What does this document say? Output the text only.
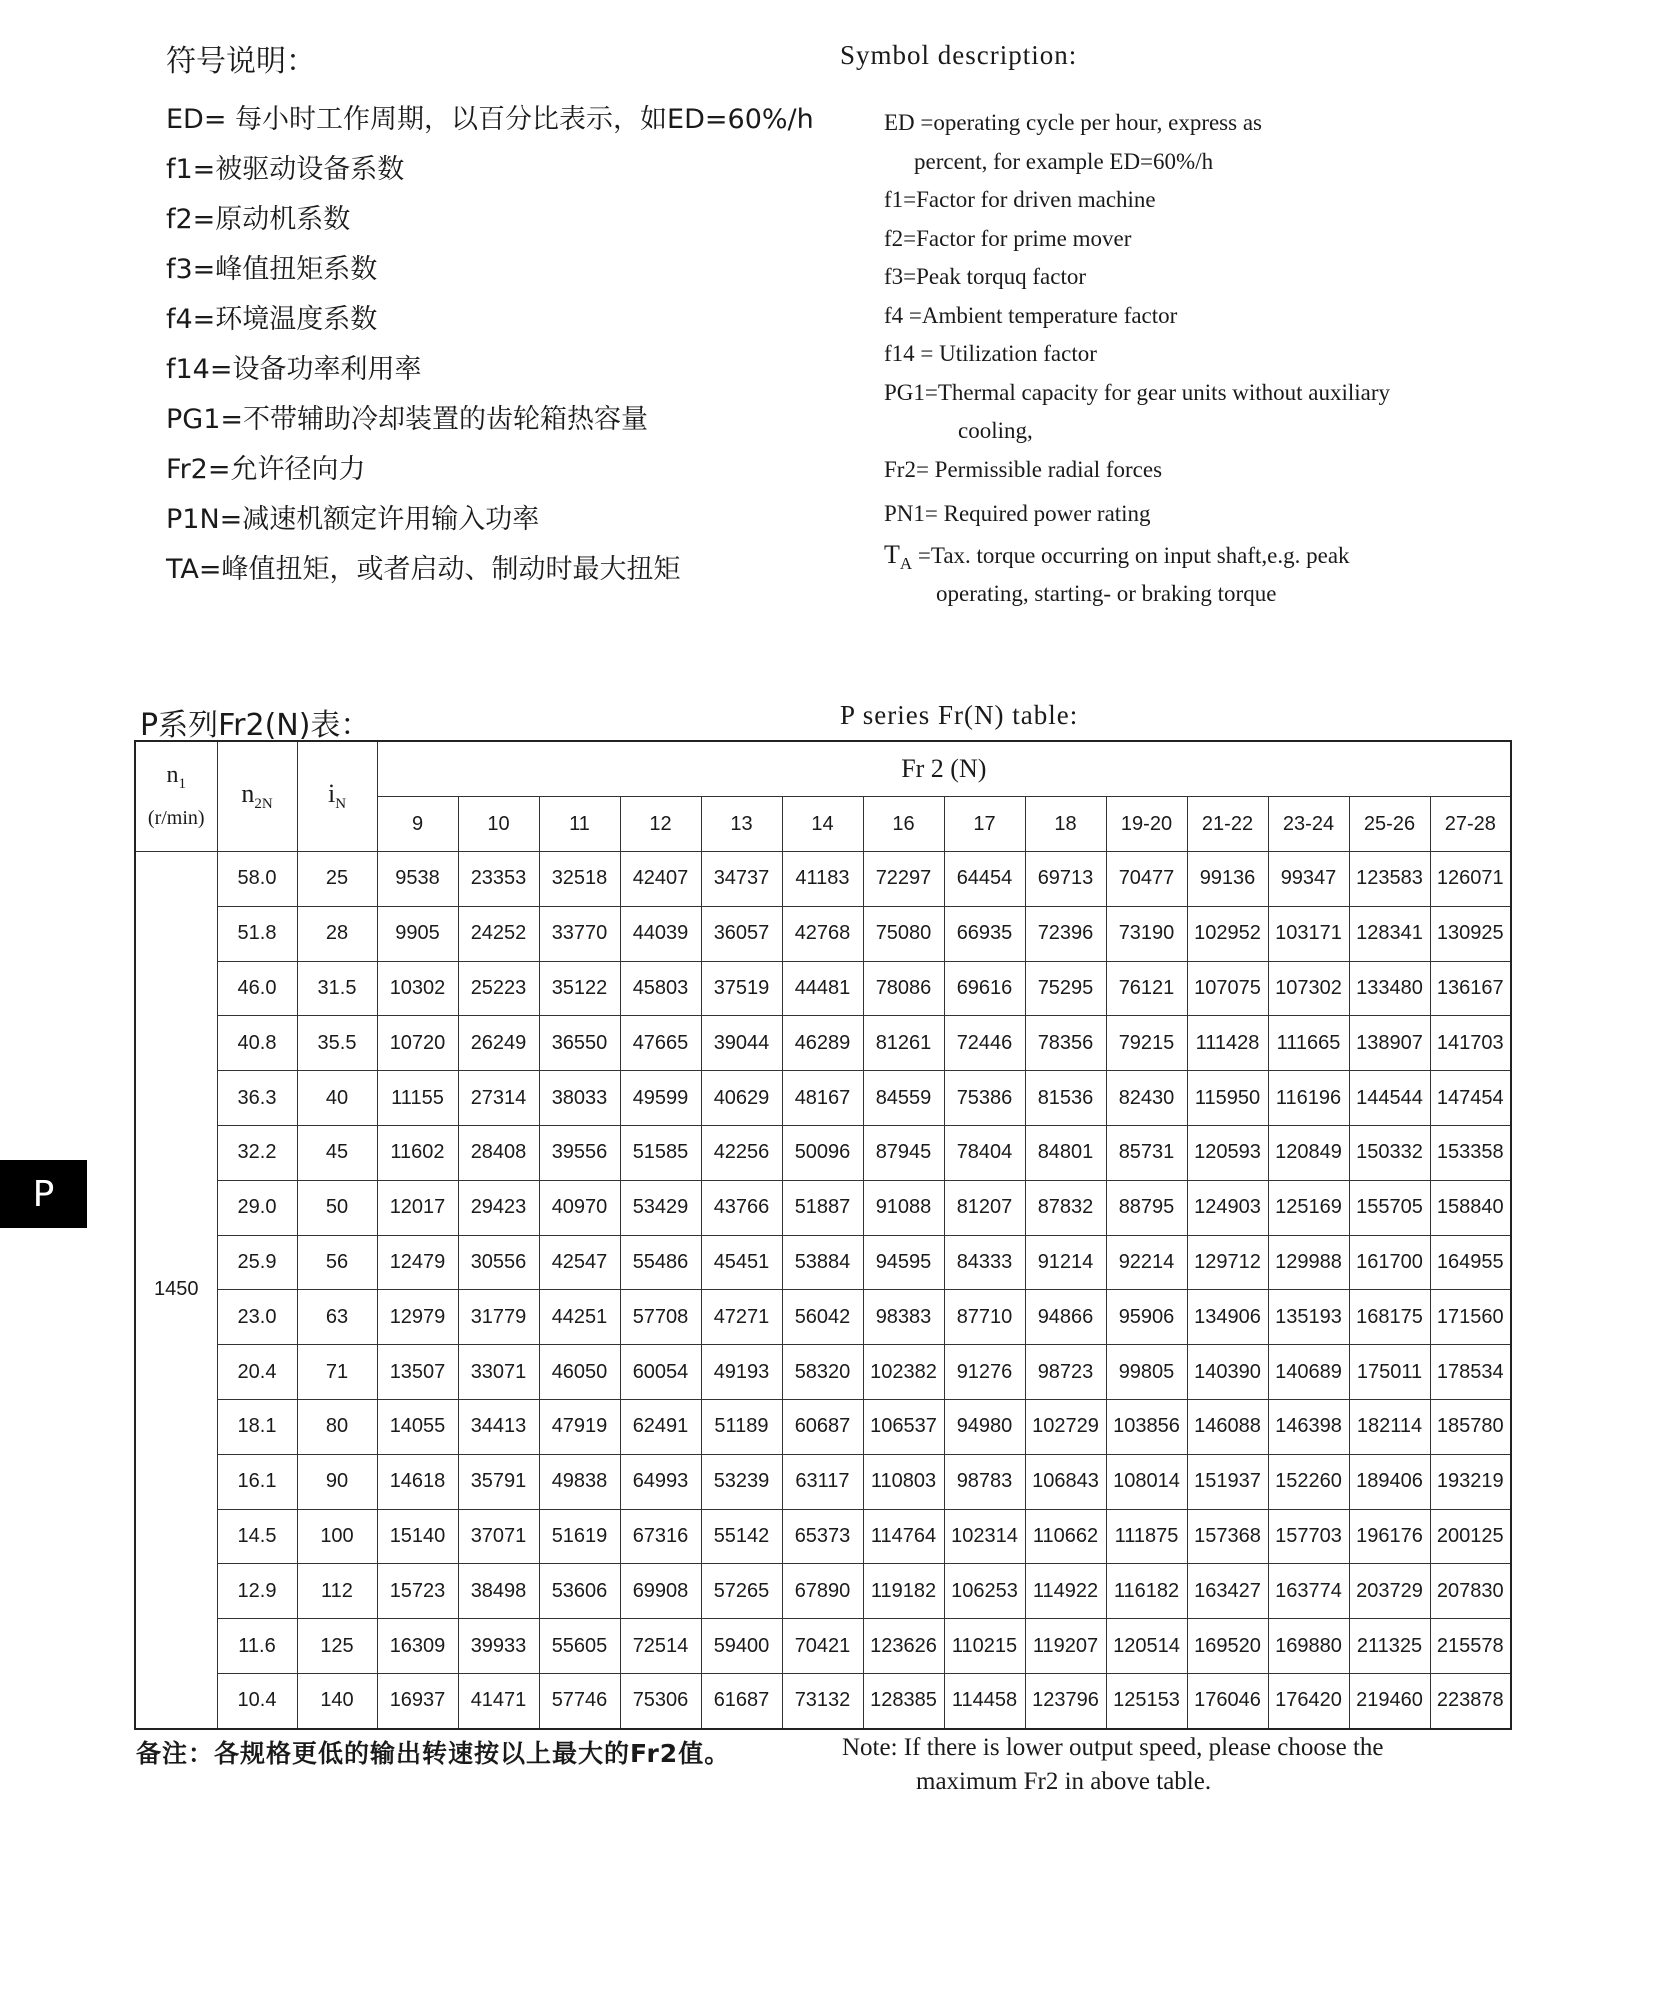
符号说明：	Symbol description:
ED= 每小时工作周期，以百分比表示，如ED=60%/h
f1=被驱动设备系数
f2=原动机系数
f3=峰值扭矩系数
f4=环境温度系数
f14=设备功率利用率
PG1=不带辅助冷却装置的齿轮箱热容量
Fr2=允许径向力
P1N=减速机额定许用输入功率
TA=峰值扭矩，或者启动、制动时最大扭矩
ED =operating cycle per hour, express as
percent, for example ED=60%/h
f1=Factor for driven machine
f2=Factor for prime mover
f3=Peak torquq factor
f4 =Ambient temperature factor
f14 = Utilization factor
PG1=Thermal capacity for gear units without auxiliary
cooling,
Fr2= Permissible radial forces
PN1= Required power rating
$T_A =Tax$. torque occurring on input shaft,e.g. peak
operating, starting- or braking torque
P系列Fr2(N)表：	P series Fr(N) table:
P
$n_1$
(r/min)	$n_{2N}$	$i_N$	Fr 2 (N)													
			9	10	11	12	13	14	16	17	18	19-20	21-22	23-24	25-26	27-28
1450	58.0	25	9538	23353	32518	42407	34737	41183	72297	64454	69713	70477	99136	99347	123583	126071
	51.8	28	9905	24252	33770	44039	36057	42768	75080	66935	72396	73190	102952	103171	128341	130925
	46.0	31.5	10302	25223	35122	45803	37519	44481	78086	69616	75295	76121	107075	107302	133480	136167
	40.8	35.5	10720	26249	36550	47665	39044	46289	81261	72446	78356	79215	111428	111665	138907	141703
	36.3	40	11155	27314	38033	49599	40629	48167	84559	75386	81536	82430	115950	116196	144544	147454
	32.2	45	11602	28408	39556	51585	42256	50096	87945	78404	84801	85731	120593	120849	150332	153358
	29.0	50	12017	29423	40970	53429	43766	51887	91088	81207	87832	88795	124903	125169	155705	158840
	25.9	56	12479	30556	42547	55486	45451	53884	94595	84333	91214	92214	129712	129988	161700	164955
	23.0	63	12979	31779	44251	57708	47271	56042	98383	87710	94866	95906	134906	135193	168175	171560
	20.4	71	13507	33071	46050	60054	49193	58320	102382	91276	98723	99805	140390	140689	175011	178534
	18.1	80	14055	34413	47919	62491	51189	60687	106537	94980	102729	103856	146088	146398	182114	185780
	16.1	90	14618	35791	49838	64993	53239	63117	110803	98783	106843	108014	151937	152260	189406	193219
	14.5	100	15140	37071	51619	67316	55142	65373	114764	102314	110662	111875	157368	157703	196176	200125
	12.9	112	15723	38498	53606	69908	57265	67890	119182	106253	114922	116182	163427	163774	203729	207830
	11.6	125	16309	39933	55605	72514	59400	70421	123626	110215	119207	120514	169520	169880	211325	215578
	10.4	140	16937	41471	57746	75306	61687	73132	128385	114458	123796	125153	176046	176420	219460	223878
备注：各规格更低的输出转速按以上最大的Fr2值。	Note: If there is lower output speed, please choose the
maximum Fr2 in above table.
